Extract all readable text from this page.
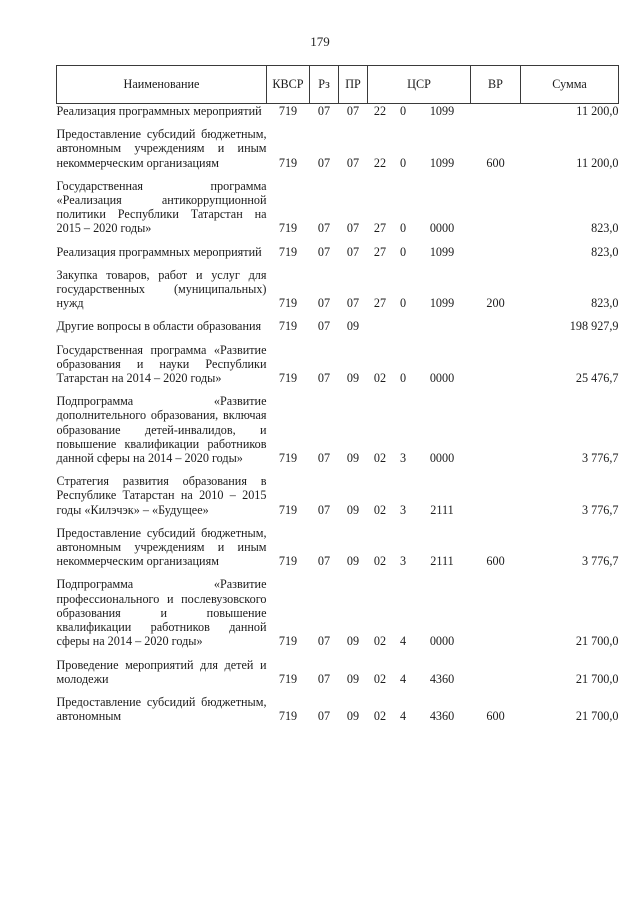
179
Наименование	КВСР	Рз	ПР	ЦСР			ВР	Сумма
Реализация программных мероприятий	719	07	07	22	0	1099		11 200,0
Предоставление субсидий бюджетным, автономным учреждениям и иным некоммерческим организациям	719	07	07	22	0	1099	600	11 200,0
Государственная программа «Реализация антикоррупционной политики Республики Татарстан на 2015 – 2020 годы»	719	07	07	27	0	0000		823,0
Реализация программных мероприятий	719	07	07	27	0	1099		823,0
Закупка товаров, работ и услуг для государственных (муниципальных) нужд	719	07	07	27	0	1099	200	823,0
Другие вопросы в области образования	719	07	09					198 927,9
Государственная программа «Развитие образования и науки Республики Татарстан на 2014 – 2020 годы»	719	07	09	02	0	0000		25 476,7
Подпрограмма «Развитие дополнительного образования, включая образование детей-инвалидов, и повышение квалификации работников данной сферы на 2014 – 2020 годы»	719	07	09	02	3	0000		3 776,7
Стратегия развития образования в Республике Татарстан на 2010 – 2015 годы «Килэчэк» – «Будущее»	719	07	09	02	3	2111		3 776,7
Предоставление субсидий бюджетным, автономным учреждениям и иным некоммерческим организациям	719	07	09	02	3	2111	600	3 776,7
Подпрограмма «Развитие профессионального и послевузовского образования и повышение квалификации работников данной сферы на 2014 – 2020 годы»	719	07	09	02	4	0000		21 700,0
Проведение мероприятий для детей и молодежи	719	07	09	02	4	4360		21 700,0
Предоставление субсидий бюджетным, автономным	719	07	09	02	4	4360	600	21 700,0
